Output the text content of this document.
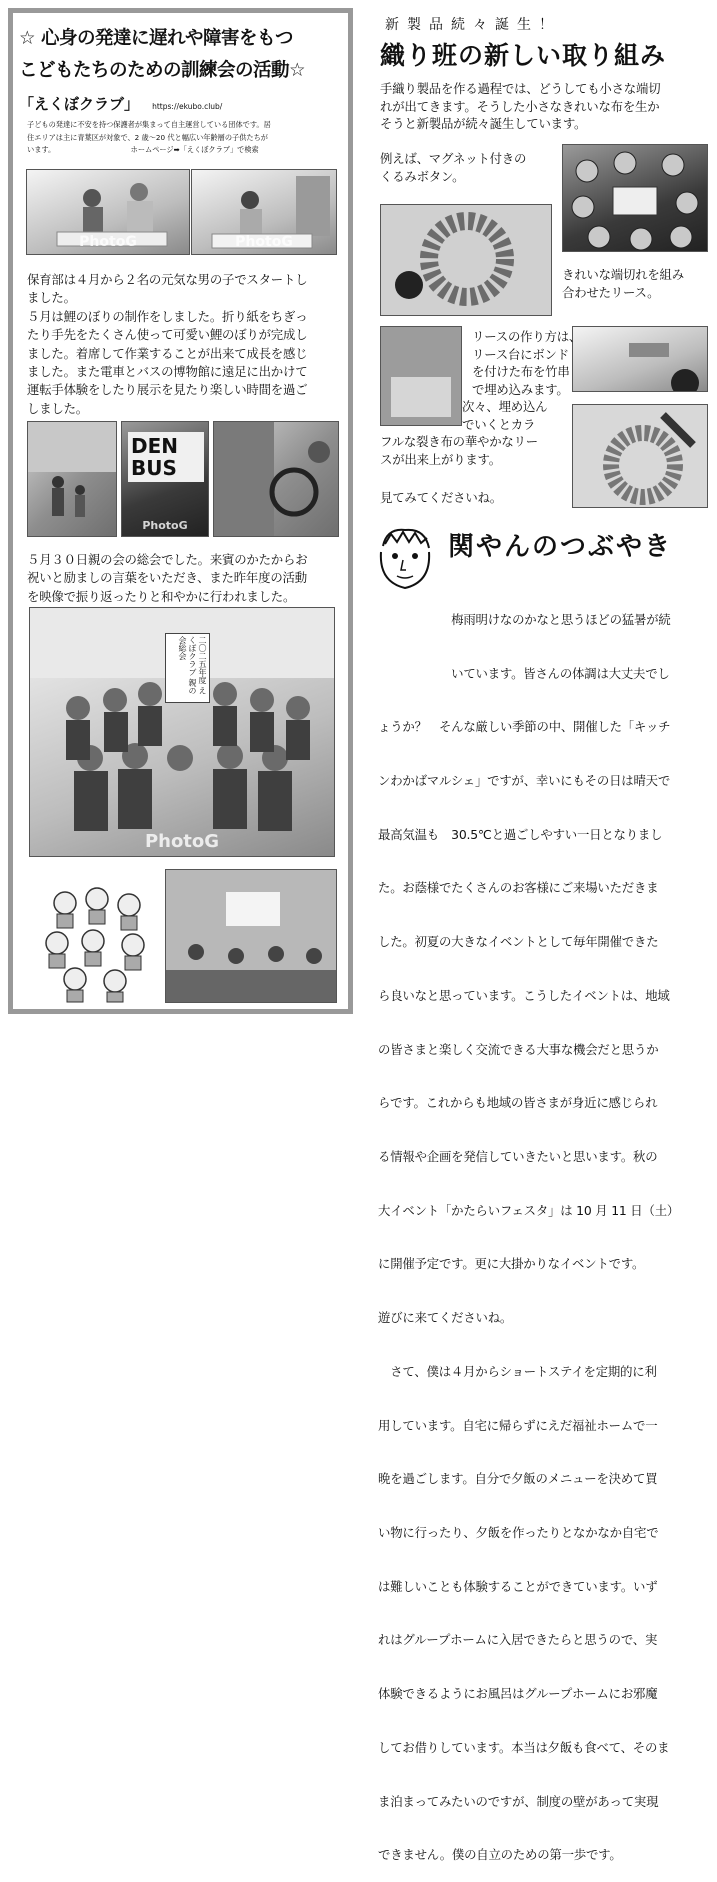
☆ 心身の発達に遅れや障害をもつ
こどもたちのための訓練会の活動☆
「えくぼクラブ」 https://ekubo.club/
子どもの発達に不安を持つ保護者が集まって自主運営している団体です。居
住エリアは主に青葉区が対象で、2 歳～20 代と幅広い年齢層の子供たちが
います。　　　　　　　　　　　ホームページ➡「えくぼクラブ」で検索
PhotoG	PhotoG
保育部は４月から２名の元気な男の子でスタートし
ました。
５月は鯉のぼりの制作をしました。折り紙をちぎっ
たり手先をたくさん使って可愛い鯉のぼりが完成し
ました。着席して作業することが出来て成長を感じ
ました。また電車とバスの博物館に遠足に出かけて
運転手体験をしたり展示を見たり楽しい時間を過ご
しました。
DEN
BUS
PhotoG
５月３０日親の会の総会でした。来賓のかたからお
祝いと励ましの言葉をいただき、また昨年度の活動
を映像で振り返ったりと和やかに行われました。
二〇二五年度 えくぼクラブ 親の会総会
PhotoG
新製品続々誕生！
織り班の新しい取り組み
手織り製品を作る過程では、どうしても小さな端切
れが出てきます。そうした小さなきれいな布を生か
そうと新製品が続々誕生しています。
例えば、マグネット付きの
くるみボタン。
きれいな端切れを組み
合わせたリース。
リースの作り方は、
リース台にボンド
を付けた布を竹串
で埋め込みます。
次々、埋め込ん
でいくとカラ
フルな裂き布の華やかなリー
スが出来上がります。
見てみてくださいね。
関やんのつぶやき

　　　　　　梅雨明けなのかなと思うほどの猛暑が続

　　　　　　いています。皆さんの体調は大丈夫でし

ょうか？　そんな厳しい季節の中、開催した「キッチ

ンわかばマルシェ」ですが、幸いにもその日は晴天で

最高気温も　30.5℃と過ごしやすい一日となりまし

た。お蔭様でたくさんのお客様にご来場いただきま

した。初夏の大きなイベントとして毎年開催できた

ら良いなと思っています。こうしたイベントは、地域

の皆さまと楽しく交流できる大事な機会だと思うか

らです。これからも地域の皆さまが身近に感じられ

る情報や企画を発信していきたいと思います。秋の

大イベント「かたらいフェスタ」は 10 月 11 日（土）

に開催予定です。更に大掛かりなイベントです。

遊びに来てくださいね。

　さて、僕は４月からショートステイを定期的に利

用しています。自宅に帰らずにえだ福祉ホームで一

晩を過ごします。自分で夕飯のメニューを決めて買

い物に行ったり、夕飯を作ったりとなかなか自宅で

は難しいことも体験することができています。いず

れはグループホームに入居できたらと思うので、実

体験できるようにお風呂はグループホームにお邪魔

してお借りしています。本当は夕飯も食べて、そのま

ま泊まってみたいのですが、制度の壁があって実現

できません。僕の自立のための第一歩です。
